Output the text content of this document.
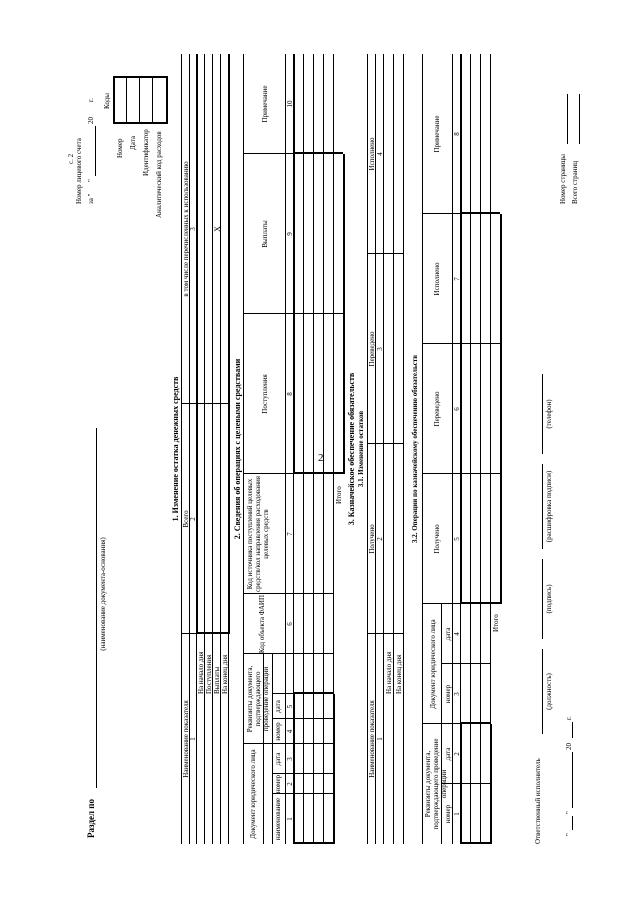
2
Раздел по
(наименование документа-основания)
с. 2 Номер лицевого счета за "
"
20
г. Коды
Номер Дата Идентификатор Аналитический код расходов
1. Изменение остатка денежных средств
Наименование показателя
Всего
в том числе перечисленных к использованию
1
2
3
На начало дня Поступления Выплаты На конец дня
X
2. Сведения об операциях с целевыми средствами
Документ юридического лица
Реквизиты документа, подтверждающего проведение операции
наименование
номер
дата
номер
дата
Код объекта ФАИП
Код источника поступлений целевых средств/кол направления расходования целевых средств
Поступления
Выплаты
Примечание
1
2
3
4
5
6
7
8
9
10
Итого 3. Казначейское обеспечение обязательств 3.1. Изменение остатков
Наименование показателя
Получено
Переведено
Исполнено
1
2
3
4
На начало дня На конец дня
3.2. Операции по казначейскому обеспечению обязательств
Реквизиты документа, подтверждающего проведение операции
Документ юридического лица
номер
дата
номер
дата
Получено
Переведено
Исполнено
Примечание
1
2
3
4
5
6
7
8
Итого
Ответственный исполнитель
(должность)
(подпись)
(расшифровка подписи)
(телефон)
"
"
20
г.
Номер страницы Всего страниц
